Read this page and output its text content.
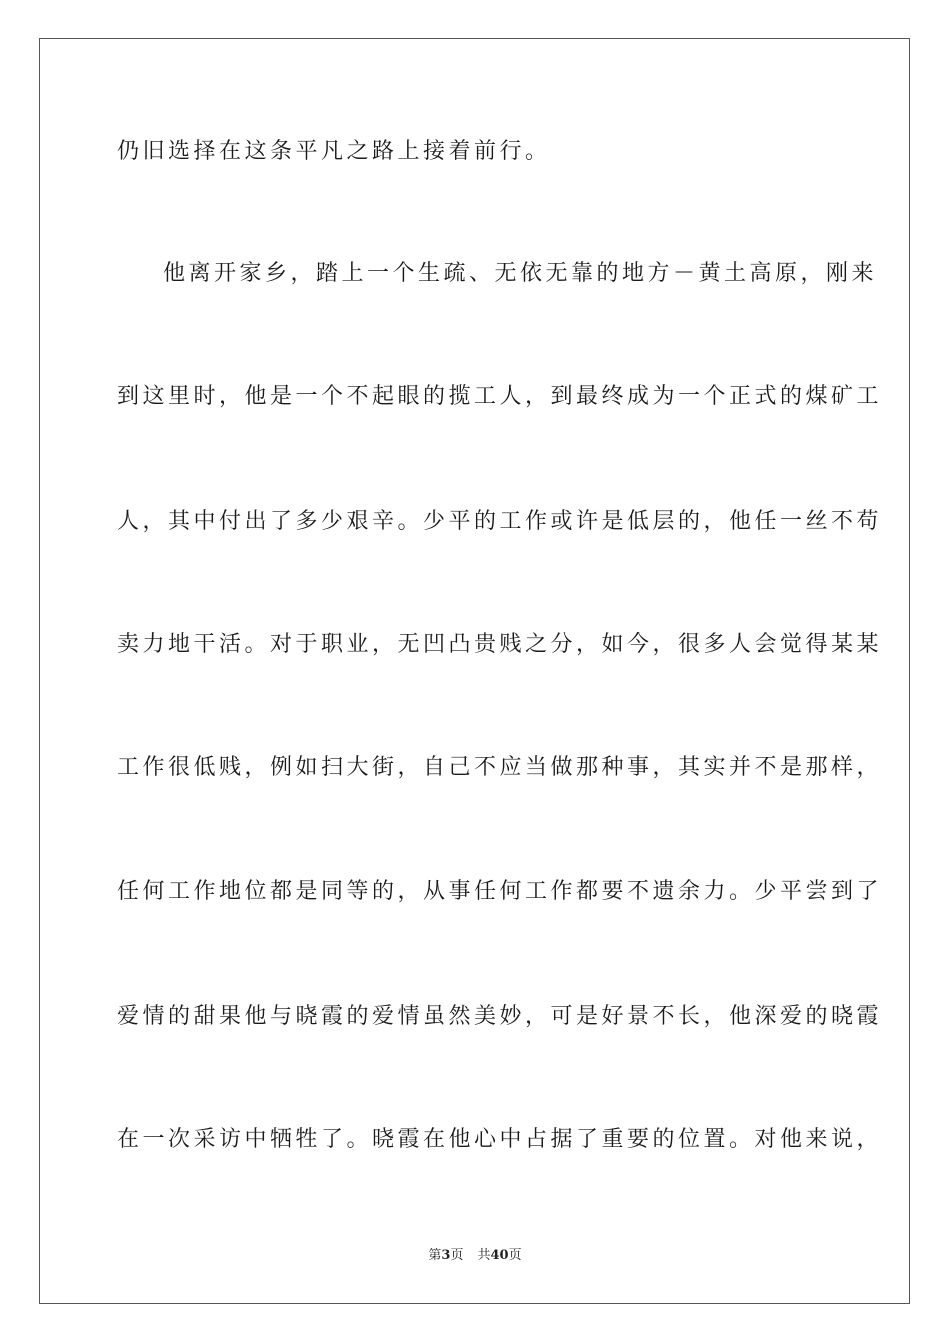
仍旧选择在这条平凡之路上接着前行。
他离开家乡，踏上一个生疏、无依无靠的地方－黄土高原，刚来
到这里时，他是一个不起眼的揽工人，到最终成为一个正式的煤矿工
人，其中付出了多少艰辛。少平的工作或许是低层的，他任一丝不苟
卖力地干活。对于职业，无凹凸贵贱之分，如今，很多人会觉得某某
工作很低贱，例如扫大街，自己不应当做那种事，其实并不是那样，
任何工作地位都是同等的，从事任何工作都要不遗余力。少平尝到了
爱情的甜果他与晓霞的爱情虽然美妙，可是好景不长，他深爱的晓霞
在一次采访中牺牲了。晓霞在他心中占据了重要的位置。对他来说，
第3页 共40页
